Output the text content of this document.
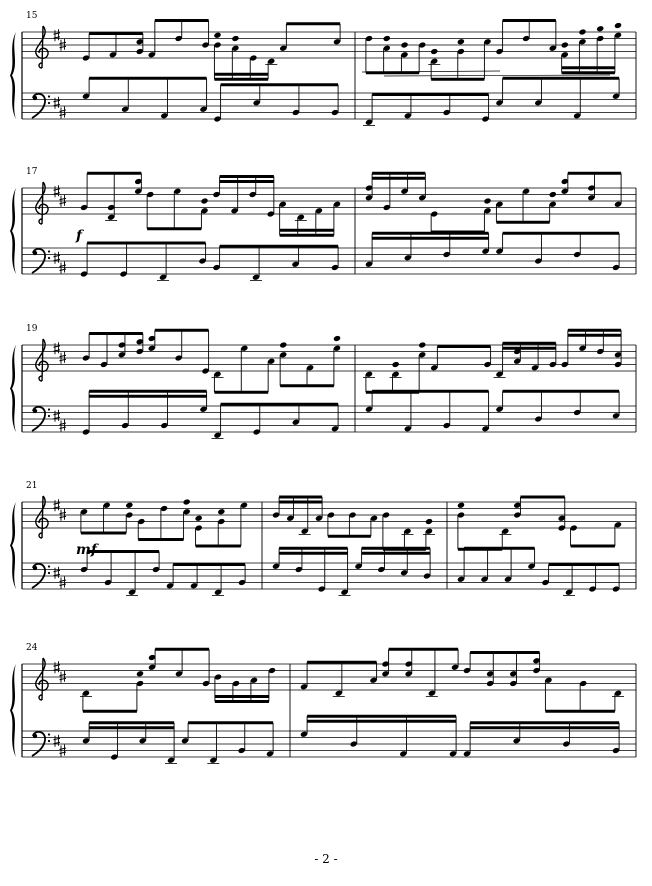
15
17
f
19
21
mf
24
- 2 -
